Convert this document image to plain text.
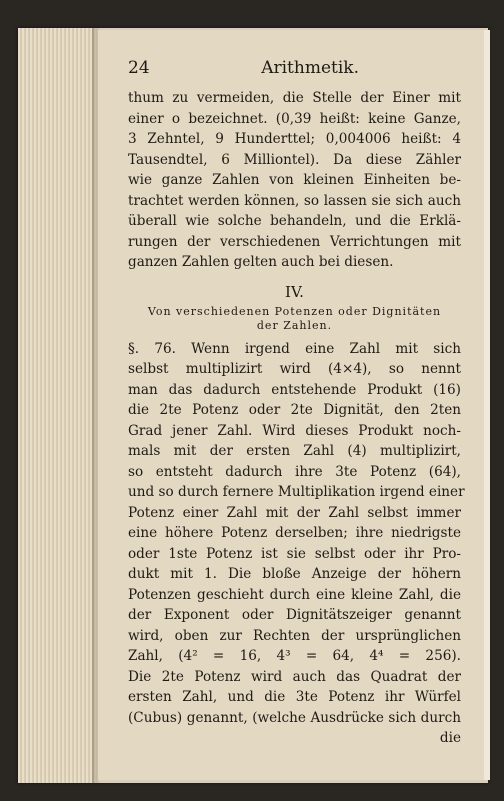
24	Arithmetik.
thum zu vermeiden, die Stelle der Einer mit
einer o bezeichnet. (0,39 heißt: keine Ganze,
3 Zehntel, 9 Hunderttel; 0,004006 heißt: 4
Tausendtel, 6 Milliontel). Da diese Zähler
wie ganze Zahlen von kleinen Einheiten be-
trachtet werden können, so lassen sie sich auch
überall wie solche behandeln, und die Erklä-
rungen der verschiedenen Verrichtungen mit
ganzen Zahlen gelten auch bei diesen.
IV.
Von verschiedenen Potenzen oder Dignitäten
der Zahlen.
§. 76. Wenn irgend eine Zahl mit sich
selbst multiplizirt wird (4×4), so nennt
man das dadurch entstehende Produkt (16)
die 2te Potenz oder 2te Dignität, den 2ten
Grad jener Zahl. Wird dieses Produkt noch-
mals mit der ersten Zahl (4) multiplizirt,
so entsteht dadurch ihre 3te Potenz (64),
und so durch fernere Multiplikation irgend einer
Potenz einer Zahl mit der Zahl selbst immer
eine höhere Potenz derselben; ihre niedrigste
oder 1ste Potenz ist sie selbst oder ihr Pro-
dukt mit 1. Die bloße Anzeige der höhern
Potenzen geschieht durch eine kleine Zahl, die
der Exponent oder Dignitätszeiger genannt
wird, oben zur Rechten der ursprünglichen
Zahl, (4² = 16, 4³ = 64, 4⁴ = 256).
Die 2te Potenz wird auch das Quadrat der
ersten Zahl, und die 3te Potenz ihr Würfel
(Cubus) genannt, (welche Ausdrücke sich durch
die
